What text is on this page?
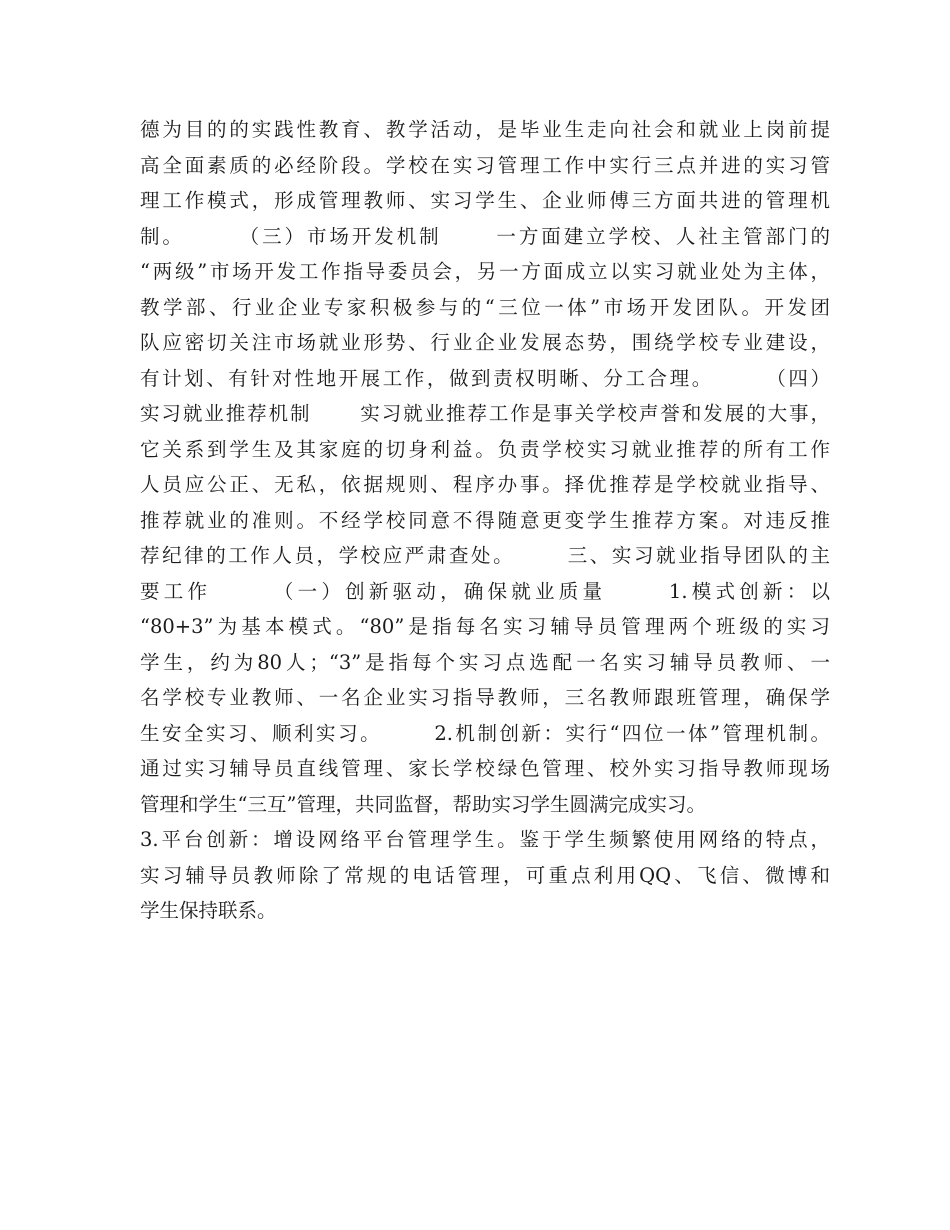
德为目的的实践性教育、教学活动，是毕业生走向社会和就业上岗前提
高全面素质的必经阶段。学校在实习管理工作中实行三点并进的实习管
理工作模式，形成管理教师、实习学生、企业师傅三方面共进的管理机
制。      （三）市场开发机制      一方面建立学校、人社主管部门的
“两级”市场开发工作指导委员会，另一方面成立以实习就业处为主体，
教学部、行业企业专家积极参与的“三位一体”市场开发团队。开发团
队应密切关注市场就业形势、行业企业发展态势，围绕学校专业建设，
有计划、有针对性地开展工作，做到责权明晰、分工合理。      （四）
实习就业推荐机制      实习就业推荐工作是事关学校声誉和发展的大事，
它关系到学生及其家庭的切身利益。负责学校实习就业推荐的所有工作
人员应公正、无私，依据规则、程序办事。择优推荐是学校就业指导、
推荐就业的准则。不经学校同意不得随意更变学生推荐方案。对违反推
荐纪律的工作人员，学校应严肃查处。      三、实习就业指导团队的主
要工作      （一）创新驱动，确保就业质量      1.模式创新：以
“80+3”为基本模式。“80”是指每名实习辅导员管理两个班级的实习
学生，约为80人；“3”是指每个实习点选配一名实习辅导员教师、一
名学校专业教师、一名企业实习指导教师，三名教师跟班管理，确保学
生安全实习、顺利实习。      2.机制创新：实行“四位一体”管理机制。
通过实习辅导员直线管理、家长学校绿色管理、校外实习指导教师现场
管理和学生“三互”管理，共同监督，帮助实习学生圆满完成实习。
3.平台创新：增设网络平台管理学生。鉴于学生频繁使用网络的特点，
实习辅导员教师除了常规的电话管理，可重点利用QQ、飞信、微博和
学生保持联系。
